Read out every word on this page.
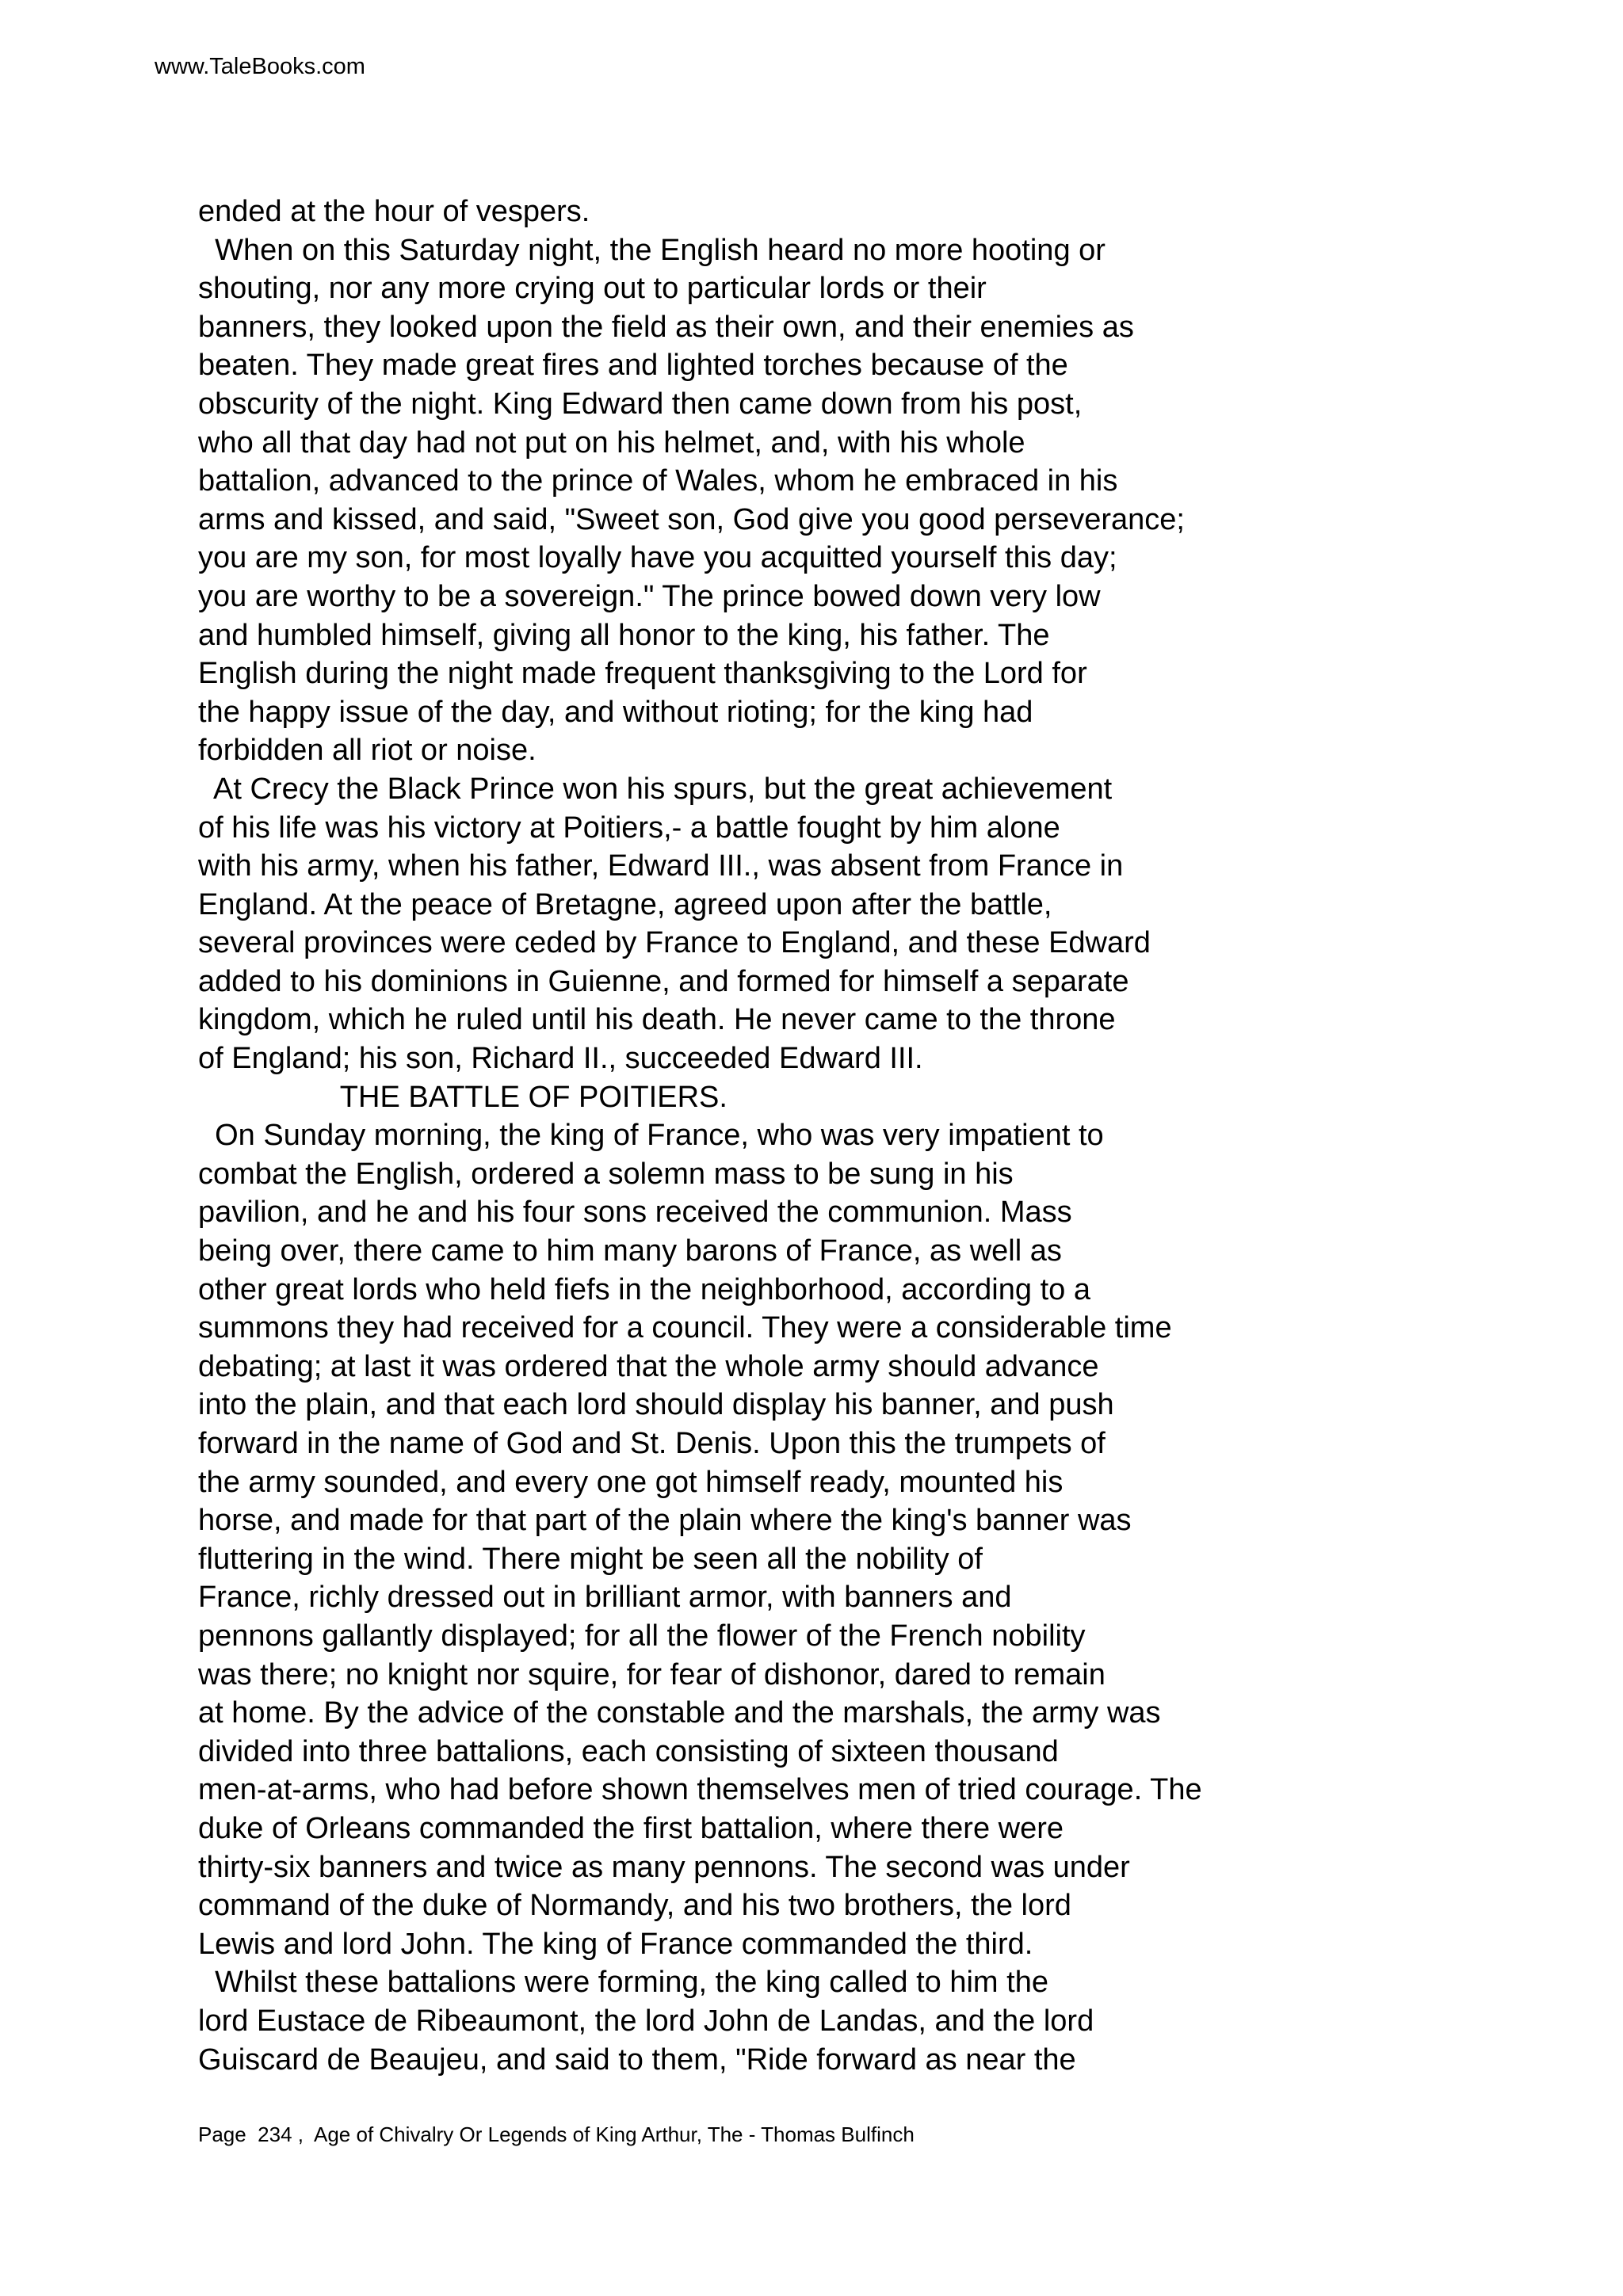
www.TaleBooks.com
ended at the hour of vespers.
When on this Saturday night, the English heard no more hooting or
shouting, nor any more crying out to particular lords or their
banners, they looked upon the field as their own, and their enemies as
beaten. They made great fires and lighted torches because of the
obscurity of the night. King Edward then came down from his post,
who all that day had not put on his helmet, and, with his whole
battalion, advanced to the prince of Wales, whom he embraced in his
arms and kissed, and said, "Sweet son, God give you good perseverance;
you are my son, for most loyally have you acquitted yourself this day;
you are worthy to be a sovereign." The prince bowed down very low
and humbled himself, giving all honor to the king, his father. The
English during the night made frequent thanksgiving to the Lord for
the happy issue of the day, and without rioting; for the king had
forbidden all riot or noise.
At Crecy the Black Prince won his spurs, but the great achievement
of his life was his victory at Poitiers,- a battle fought by him alone
with his army, when his father, Edward III., was absent from France in
England. At the peace of Bretagne, agreed upon after the battle,
several provinces were ceded by France to England, and these Edward
added to his dominions in Guienne, and formed for himself a separate
kingdom, which he ruled until his death. He never came to the throne
of England; his son, Richard II., succeeded Edward III.
THE BATTLE OF POITIERS.
On Sunday morning, the king of France, who was very impatient to
combat the English, ordered a solemn mass to be sung in his
pavilion, and he and his four sons received the communion. Mass
being over, there came to him many barons of France, as well as
other great lords who held fiefs in the neighborhood, according to a
summons they had received for a council. They were a considerable time
debating; at last it was ordered that the whole army should advance
into the plain, and that each lord should display his banner, and push
forward in the name of God and St. Denis. Upon this the trumpets of
the army sounded, and every one got himself ready, mounted his
horse, and made for that part of the plain where the king's banner was
fluttering in the wind. There might be seen all the nobility of
France, richly dressed out in brilliant armor, with banners and
pennons gallantly displayed; for all the flower of the French nobility
was there; no knight nor squire, for fear of dishonor, dared to remain
at home. By the advice of the constable and the marshals, the army was
divided into three battalions, each consisting of sixteen thousand
men-at-arms, who had before shown themselves men of tried courage. The
duke of Orleans commanded the first battalion, where there were
thirty-six banners and twice as many pennons. The second was under
command of the duke of Normandy, and his two brothers, the lord
Lewis and lord John. The king of France commanded the third.
Whilst these battalions were forming, the king called to him the
lord Eustace de Ribeaumont, the lord John de Landas, and the lord
Guiscard de Beaujeu, and said to them, "Ride forward as near the
Page  234 ,  Age of Chivalry Or Legends of King Arthur, The - Thomas Bulfinch
